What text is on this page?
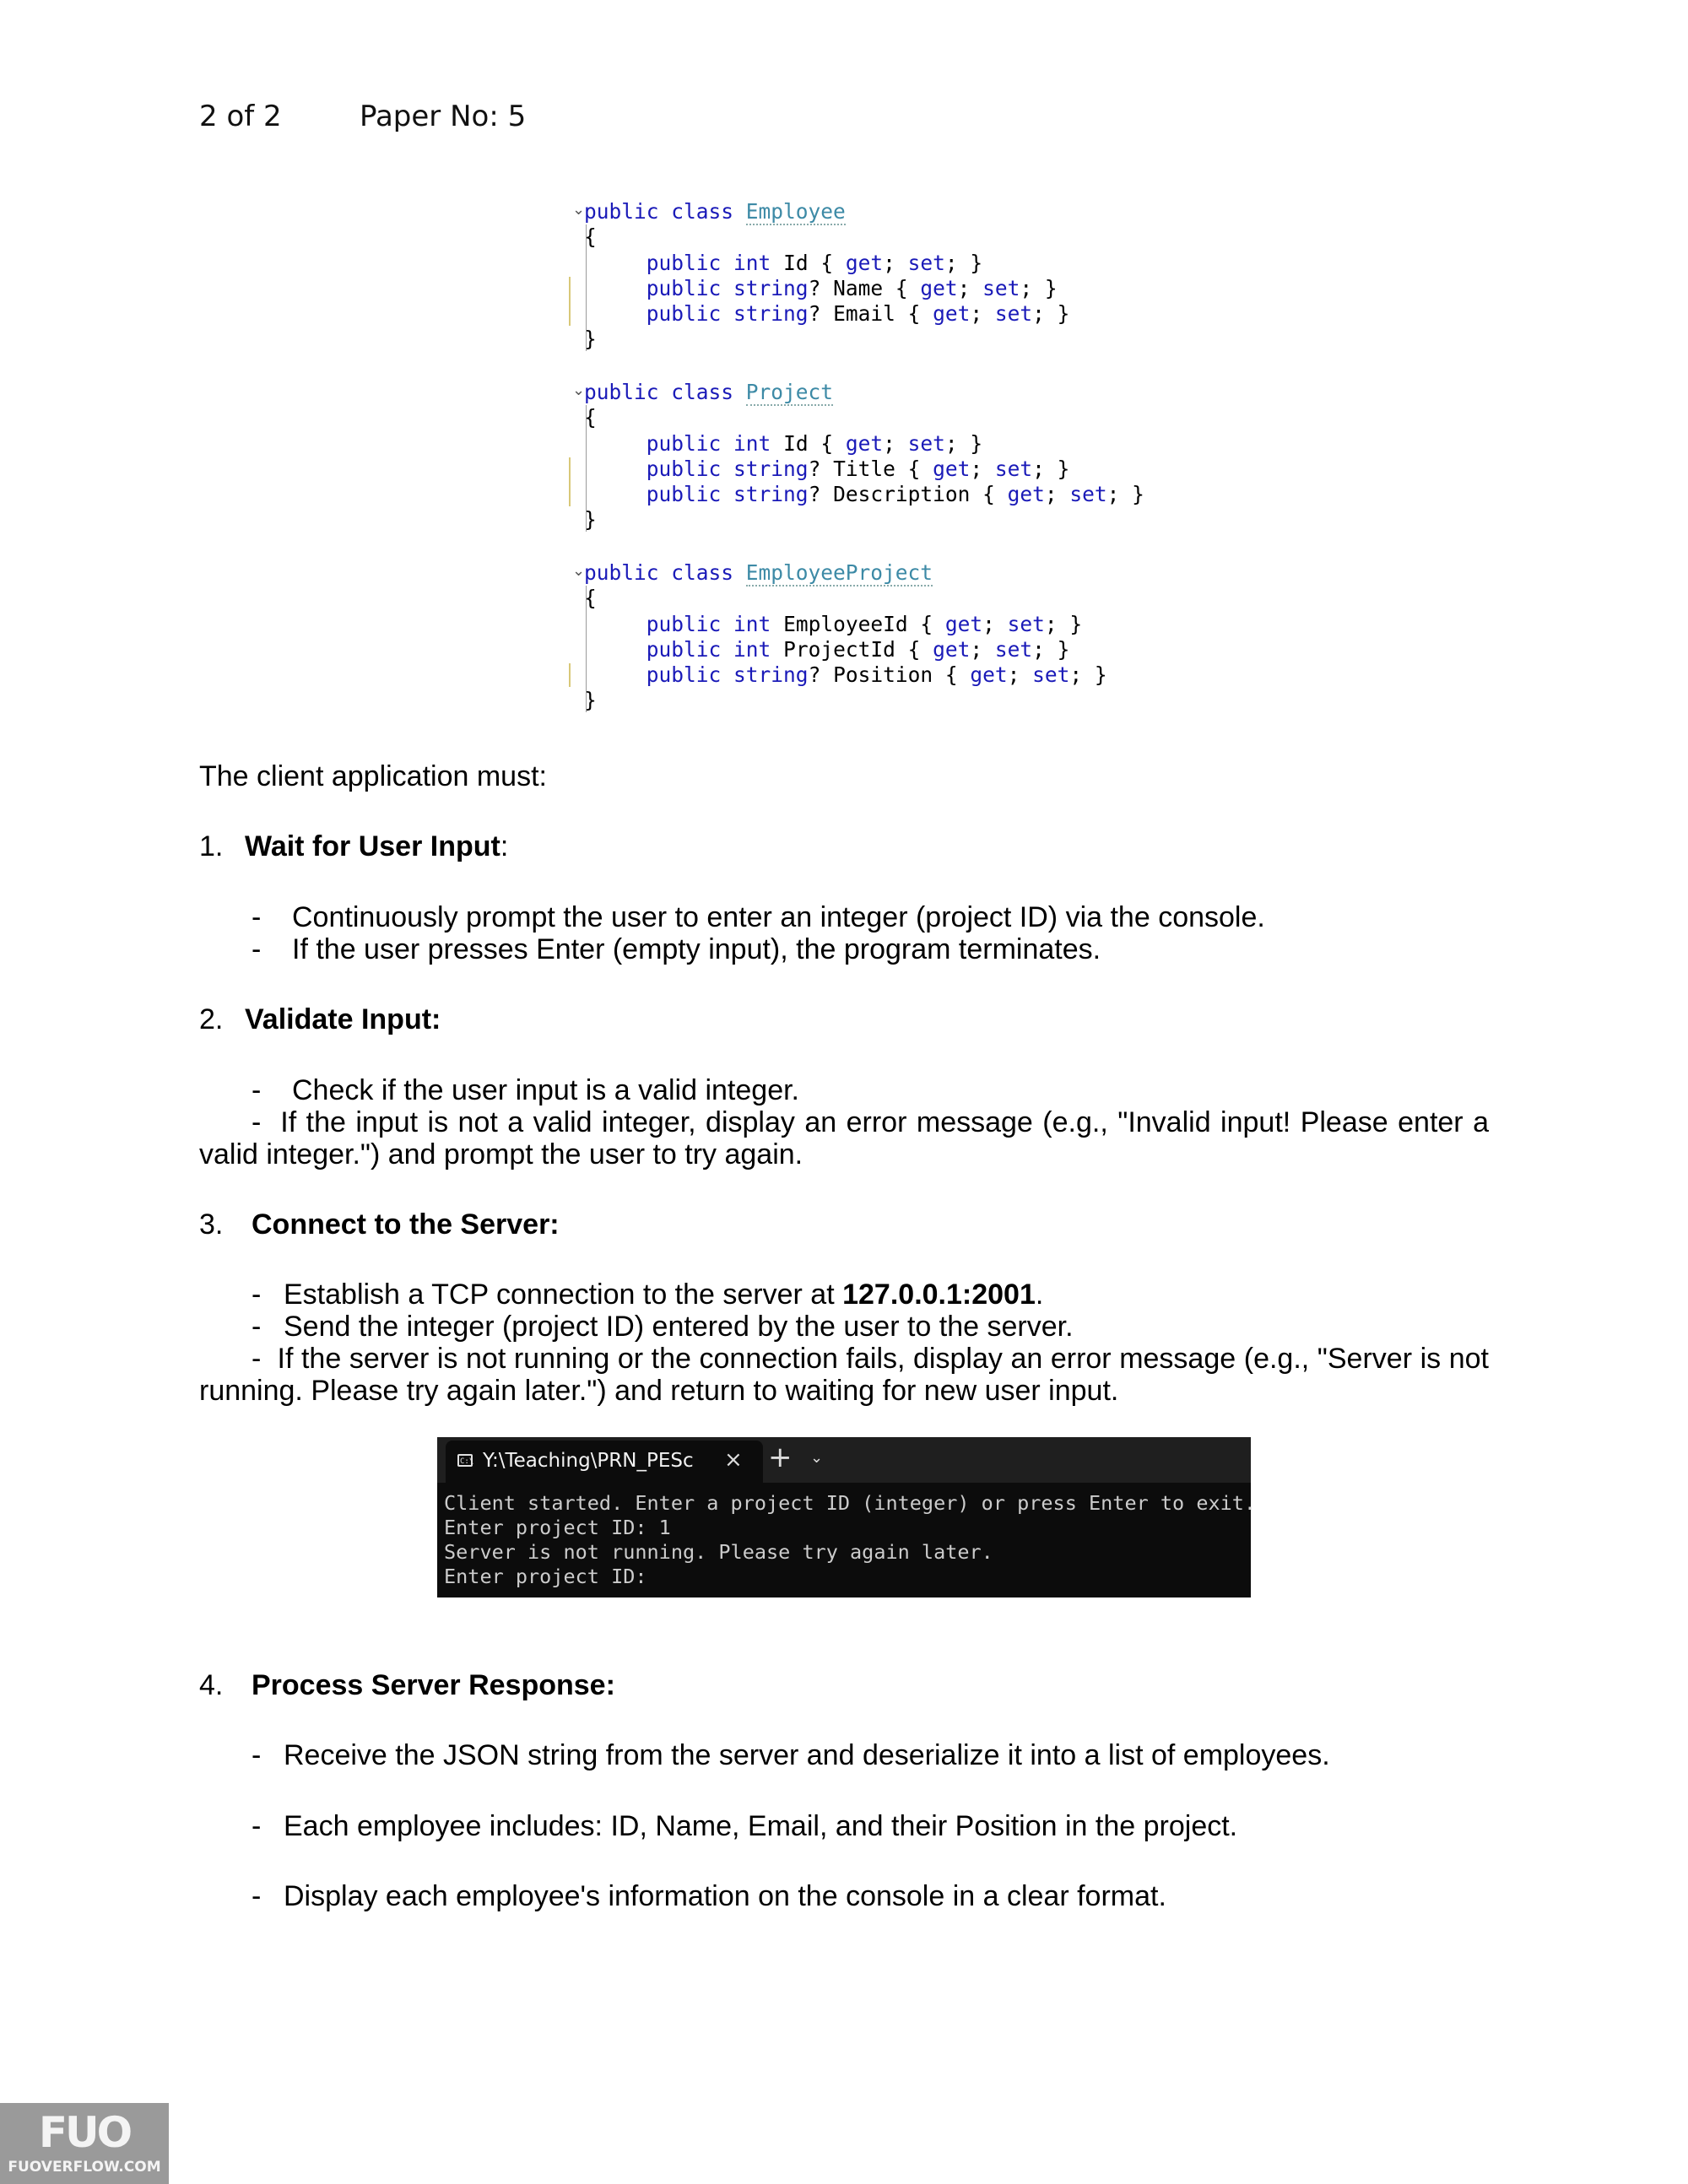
2 of 2	Paper No: 5
⌄
public class Employee
{
public int Id { get; set; }
public string? Name { get; set; }
public string? Email { get; set; }
}
⌄
public class Project
{
public int Id { get; set; }
public string? Title { get; set; }
public string? Description { get; set; }
}
⌄
public class EmployeeProject
{
public int EmployeeId { get; set; }
public int ProjectId { get; set; }
public string? Position { get; set; }
}
The client application must:
1. Wait for User Input:
- Continuously prompt the user to enter an integer (project ID) via the console.
- If the user presses Enter (empty input), the program terminates.
2. Validate Input:
- Check if the user input is a valid integer.
- If the input is not a valid integer, display an error message (e.g., "Invalid input! Please enter a valid integer.") and prompt the user to try again.
3. Connect to the Server:
- Establish a TCP connection to the server at 127.0.0.1:2001.
- Send the integer (project ID) entered by the user to the server.
- If the server is not running or the connection fails, display an error message (e.g., "Server is not running. Please try again later.") and return to waiting for new user input.
C:\ Y:\Teaching\PRN_PESc × + ⌄
Client started. Enter a project ID (integer) or press Enter to exit.
Enter project ID: 1
Server is not running. Please try again later.
Enter project ID:
4. Process Server Response:
- Receive the JSON string from the server and deserialize it into a list of employees.
- Each employee includes: ID, Name, Email, and their Position in the project.
- Display each employee's information on the console in a clear format.
FUO
FUOVERFLOW.COM
